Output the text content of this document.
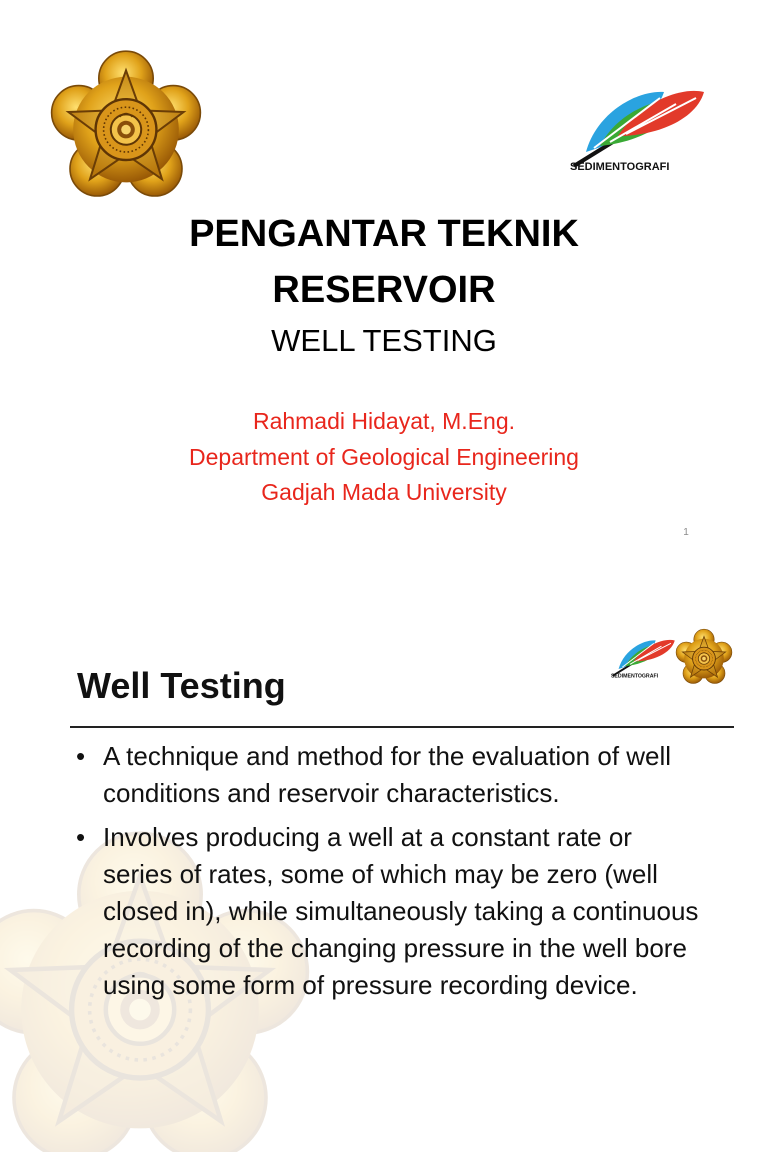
SEDIMENTOGRAFI
PENGANTAR TEKNIK
RESERVOIR
WELL TESTING
Rahmadi Hidayat, M.Eng.
Department of Geological Engineering
Gadjah Mada University
1
SEDIMENTOGRAFI
Well Testing
• A technique and method for the evaluation of well conditions and reservoir characteristics.
• Involves producing a well at a constant rate or series of rates, some of which may be zero (well closed in), while simultaneously taking a continuous recording of the changing pressure in the well bore using some form of pressure recording device.
